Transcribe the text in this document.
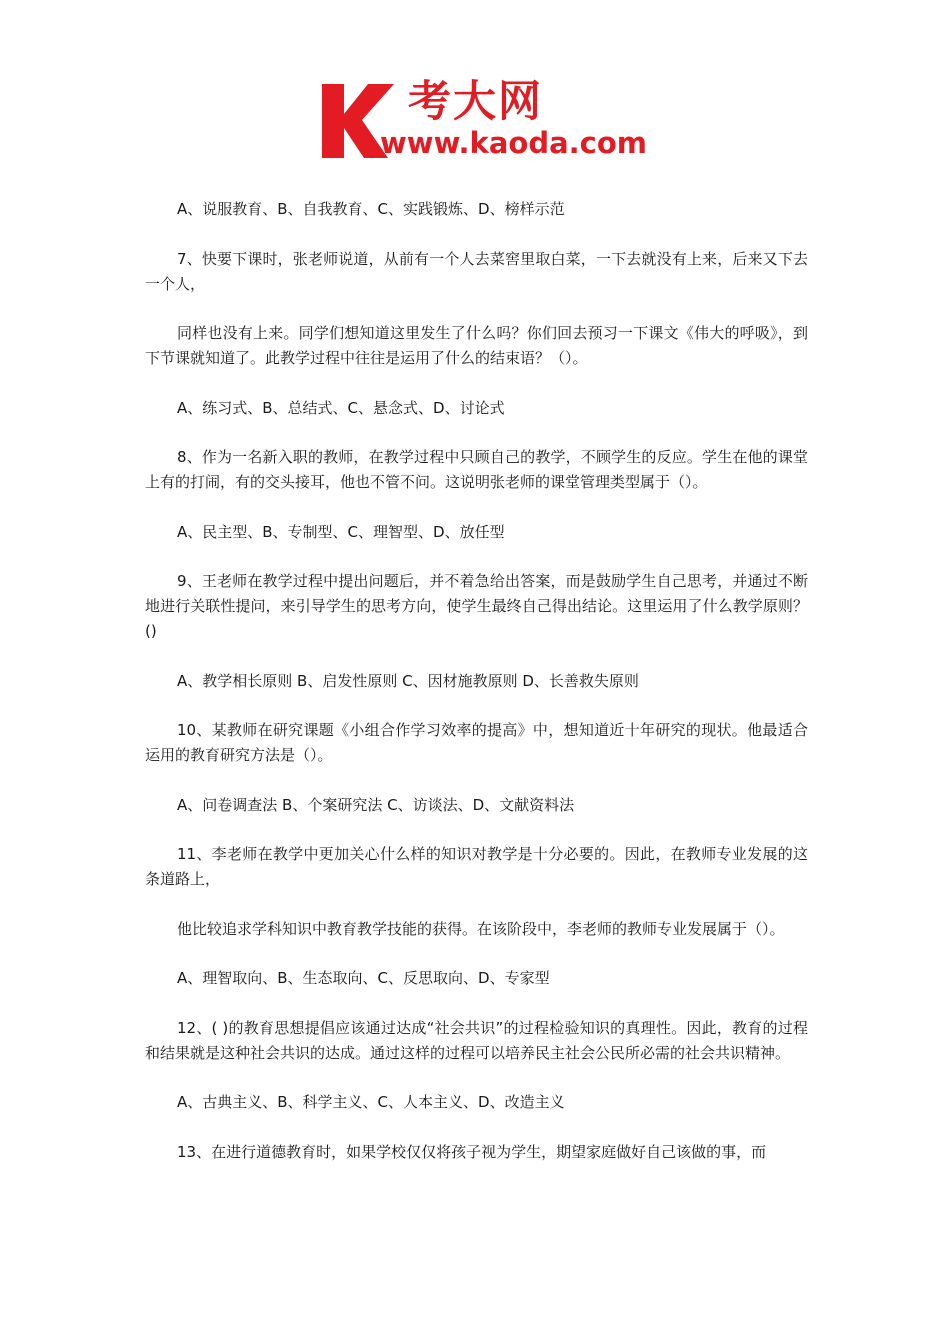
考大网
www.kaoda.com

A、说服教育、B、自我教育、C、实践锻炼、D、榜样示范

7、快要下课时，张老师说道，从前有一个人去菜窖里取白菜，一下去就没有上来，后来又下去一个人，

同样也没有上来。同学们想知道这里发生了什么吗？你们回去预习一下课文《伟大的呼吸》，到下节课就知道了。此教学过程中往往是运用了什么的结束语？（）。

A、练习式、B、总结式、C、悬念式、D、讨论式

8、作为一名新入职的教师，在教学过程中只顾自己的教学，不顾学生的反应。学生在他的课堂上有的打闹，有的交头接耳，他也不管不问。这说明张老师的课堂管理类型属于（）。

A、民主型、B、专制型、C、理智型、D、放任型

9、王老师在教学过程中提出问题后，并不着急给出答案，而是鼓励学生自己思考，并通过不断地进行关联性提问，来引导学生的思考方向，使学生最终自己得出结论。这里运用了什么教学原则？()

A、教学相长原则 B、启发性原则 C、因材施教原则 D、长善救失原则

10、某教师在研究课题《小组合作学习效率的提高》中，想知道近十年研究的现状。他最适合运用的教育研究方法是（）。

A、问卷调查法 B、个案研究法 C、访谈法、D、文献资料法

11、李老师在教学中更加关心什么样的知识对教学是十分必要的。因此，在教师专业发展的这条道路上，

他比较追求学科知识中教育教学技能的获得。在该阶段中，李老师的教师专业发展属于（）。

A、理智取向、B、生态取向、C、反思取向、D、专家型

12、( )的教育思想提倡应该通过达成“社会共识”的过程检验知识的真理性。因此，教育的过程和结果就是这种社会共识的达成。通过这样的过程可以培养民主社会公民所必需的社会共识精神。

A、古典主义、B、科学主义、C、人本主义、D、改造主义

13、在进行道德教育时，如果学校仅仅将孩子视为学生，期望家庭做好自己该做的事，而
